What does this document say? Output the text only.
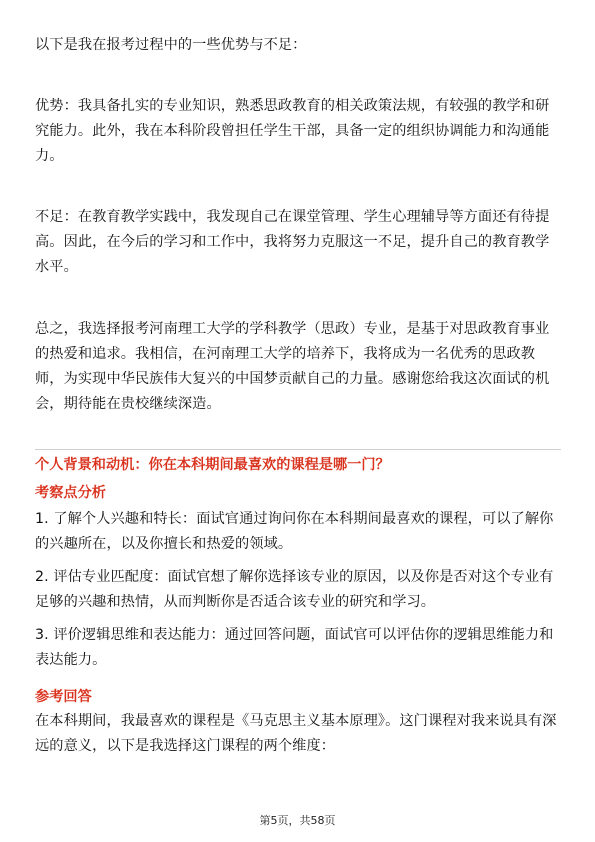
以下是我在报考过程中的一些优势与不足：

优势：我具备扎实的专业知识，熟悉思政教育的相关政策法规，有较强的教学和研究能力。此外，我在本科阶段曾担任学生干部，具备一定的组织协调能力和沟通能力。

不足：在教育教学实践中，我发现自己在课堂管理、学生心理辅导等方面还有待提高。因此，在今后的学习和工作中，我将努力克服这一不足，提升自己的教育教学水平。

总之，我选择报考河南理工大学的学科教学（思政）专业，是基于对思政教育事业的热爱和追求。我相信，在河南理工大学的培养下，我将成为一名优秀的思政教师，为实现中华民族伟大复兴的中国梦贡献自己的力量。感谢您给我这次面试的机会，期待能在贵校继续深造。

个人背景和动机：你在本科期间最喜欢的课程是哪一门？

考察点分析

1. 了解个人兴趣和特长：面试官通过询问你在本科期间最喜欢的课程，可以了解你的兴趣所在，以及你擅长和热爱的领域。

2. 评估专业匹配度：面试官想了解你选择该专业的原因，以及你是否对这个专业有足够的兴趣和热情，从而判断你是否适合该专业的研究和学习。

3. 评价逻辑思维和表达能力：通过回答问题，面试官可以评估你的逻辑思维能力和表达能力。

参考回答

在本科期间，我最喜欢的课程是《马克思主义基本原理》。这门课程对我来说具有深远的意义，以下是我选择这门课程的两个维度：

第5页，共58页
